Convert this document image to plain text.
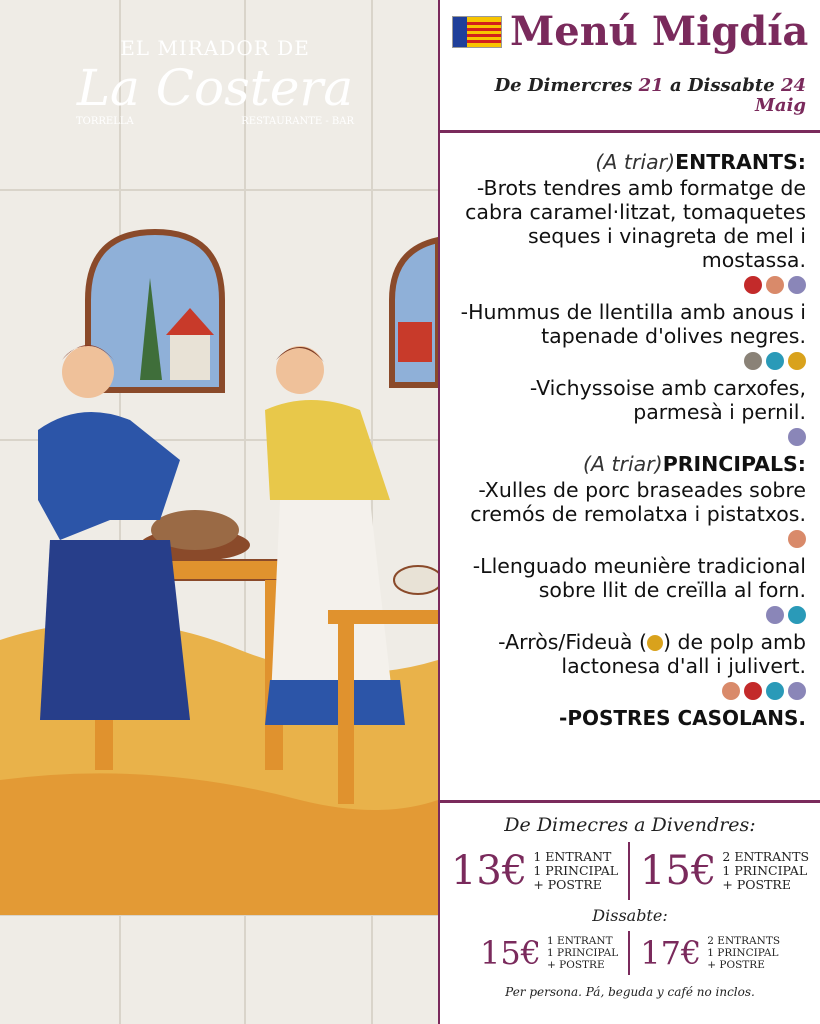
EL MIRADOR DE
La Costera
TORRELLA	RESTAURANTE - BAR
Menú Migdía
De Dimercres 21 a Dissabte 24
Maig
(A triar)ENTRANTS:
-Brots tendres amb formatge de cabra caramel·litzat, tomaquetes seques i vinagreta de mel i mostassa.
-Hummus de llentilla amb anous i tapenade d'olives negres.
-Vichyssoise amb carxofes, parmesà i pernil.
(A triar)PRINCIPALS:
-Xulles de porc braseades sobre cremós de remolatxa i pistatxos.
-Llenguado meunière tradicional sobre llit de creïlla al forn.
-Arròs/Fideuà ( ) de polp amb lactonesa d'all i julivert.
-POSTRES CASOLANS.
De Dimecres a Divendres:
13€ 1 ENTRANT
1 PRINCIPAL
+ POSTRE 15€ 2 ENTRANTS
1 PRINCIPAL
+ POSTRE
Dissabte:
15€ 1 ENTRANT
1 PRINCIPAL
+ POSTRE	17€ 2 ENTRANTS
1 PRINCIPAL
+ POSTRE
Per persona. Pá, beguda y café no inclos.
